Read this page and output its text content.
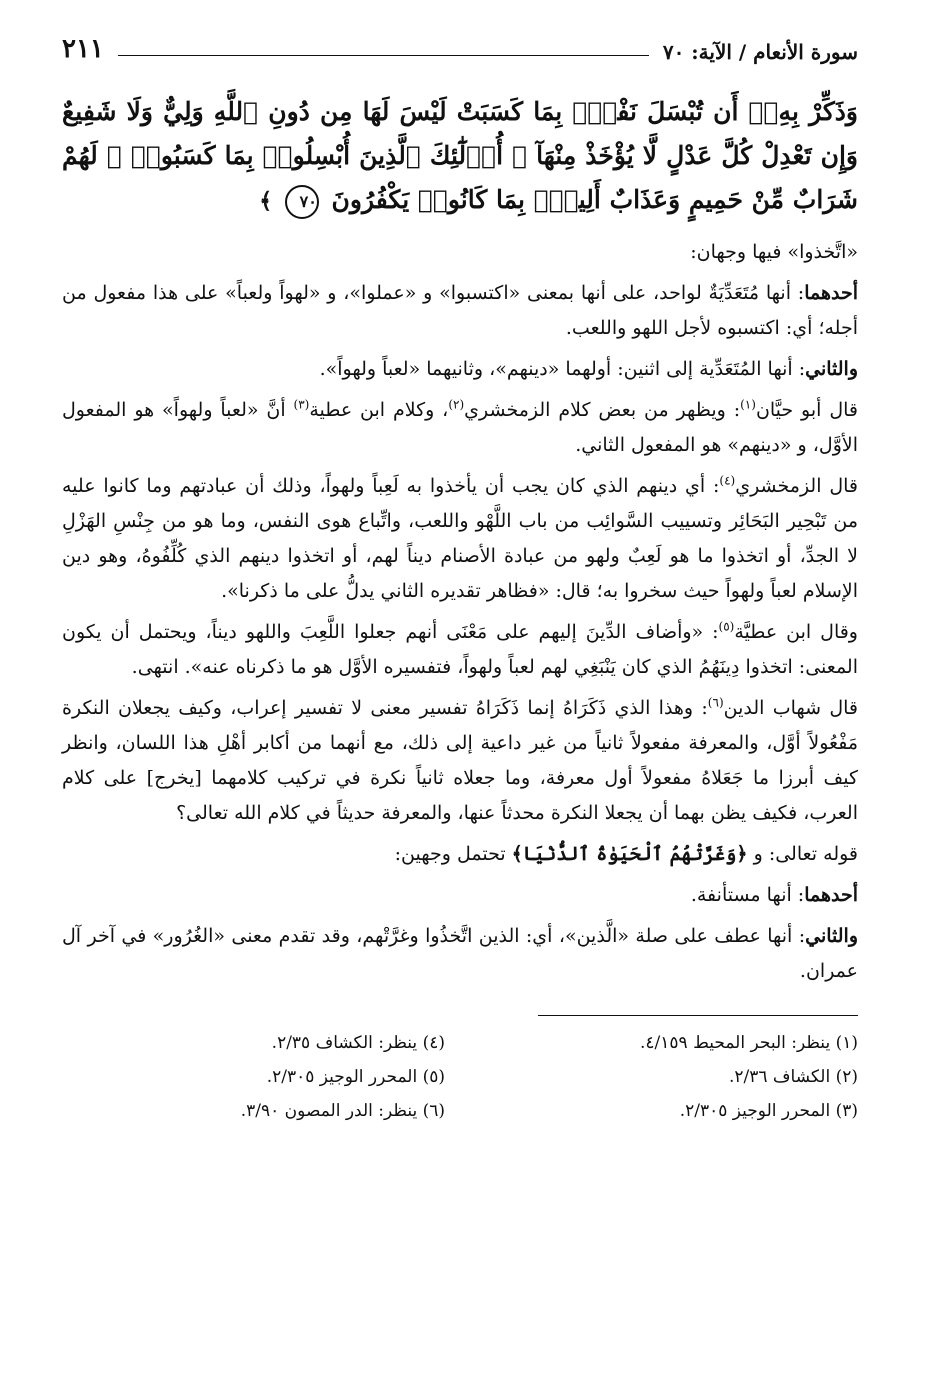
سورة الأنعام / الآية: ٧٠
٢١١
وَذَكِّرْ بِهِۦٓ أَن تُبْسَلَ نَفْسٌۢ بِمَا كَسَبَتْ لَيْسَ لَهَا مِن دُونِ ٱللَّهِ وَلِيٌّ وَلَا شَفِيعٌ وَإِن تَعْدِلْ كُلَّ عَدْلٍ لَّا يُؤْخَذْ مِنْهَآ ۗ أُو۟لَٰٓئِكَ ٱلَّذِينَ أُبْسِلُوا۟ بِمَا كَسَبُوا۟ ۖ لَهُمْ شَرَابٌ مِّنْ حَمِيمٍ وَعَذَابٌ أَلِيمٌۢ بِمَا كَانُوا۟ يَكْفُرُونَ ٧٠ ﴾

«اتَّخذوا» فيها وجهان:

أحدهما: أنها مُتَعَدِّيَةٌ لواحد، على أنها بمعنى «اكتسبوا» و «عملوا»، و «لهواً ولعباً» على هذا مفعول من أجله؛ أي: اكتسبوه لأجل اللهو واللعب.

والثاني: أنها المُتَعَدِّية إلى اثنين: أولهما «دينهم»، وثانيهما «لعباً ولهواً».

قال أبو حيَّان$^{(١)}$: ويظهر من بعض كلام الزمخشري$^{(٢)}$، وكلام ابن عطية$^{(٣)}$ أنَّ «لعباً ولهواً» هو المفعول الأوَّل، و «دينهم» هو المفعول الثاني.

قال الزمخشري$^{(٤)}$: أي دينهم الذي كان يجب أن يأخذوا به لَعِباً ولهواً، وذلك أن عبادتهم وما كانوا عليه من تَبْحِير البَحَائِر وتسييب السَّوائِب من باب اللَّهْو واللعب، واتِّباع هوى النفس، وما هو من جِنْسِ الهَزْلِ لا الجدِّ، أو اتخذوا ما هو لَعِبٌ ولهو من عبادة الأصنام ديناً لهم، أو اتخذوا دينهم الذي كُلِّفُوهُ، وهو دين الإسلام لعباً ولهواً حيث سخروا به؛ قال: «فظاهر تقديره الثاني يدلُّ على ما ذكرنا».

وقال ابن عطيَّة$^{(٥)}$: «وأضاف الدِّينَ إليهم على مَعْنَى أنهم جعلوا اللَّعِبَ واللهو ديناً، ويحتمل أن يكون المعنى: اتخذوا دِينَهُمُ الذي كان يَنْبَغِي لهم لعباً ولهواً، فتفسيره الأوَّل هو ما ذكرناه عنه». انتهى.

قال شهاب الدين$^{(٦)}$: وهذا الذي ذَكَرَاهُ إنما ذَكَرَاهُ تفسير معنى لا تفسير إعراب، وكيف يجعلان النكرة مَفْعُولاً أوَّل، والمعرفة مفعولاً ثانياً من غير داعية إلى ذلك، مع أنهما من أكابر أهْلِ هذا اللسان، وانظر كيف أبرزا ما جَعَلاهُ مفعولاً أول معرفة، وما جعلاه ثانياً نكرة في تركيب كلامهما [يخرج] على كلام العرب، فكيف يظن بهما أن يجعلا النكرة محدثاً عنها، والمعرفة حديثاً في كلام الله تعالى؟

قوله تعالى: و ﴿وَغَرَّتْهُمُ ٱلْحَيَوٰةُ ٱلدُّنْيَا﴾ تحتمل وجهين:

أحدهما: أنها مستأنفة.

والثاني: أنها عطف على صلة «الَّذين»، أي: الذين اتَّخذُوا وغرَّتْهم، وقد تقدم معنى «الغُرُور» في آخر آل عمران.

(١) ينظر: البحر المحيط ٤/١٥٩.
(٤) ينظر: الكشاف ٢/٣٥.
(٢) الكشاف ٢/٣٦.
(٥) المحرر الوجيز ٢/٣٠٥.
(٣) المحرر الوجيز ٢/٣٠٥.
(٦) ينظر: الدر المصون ٣/٩٠.
